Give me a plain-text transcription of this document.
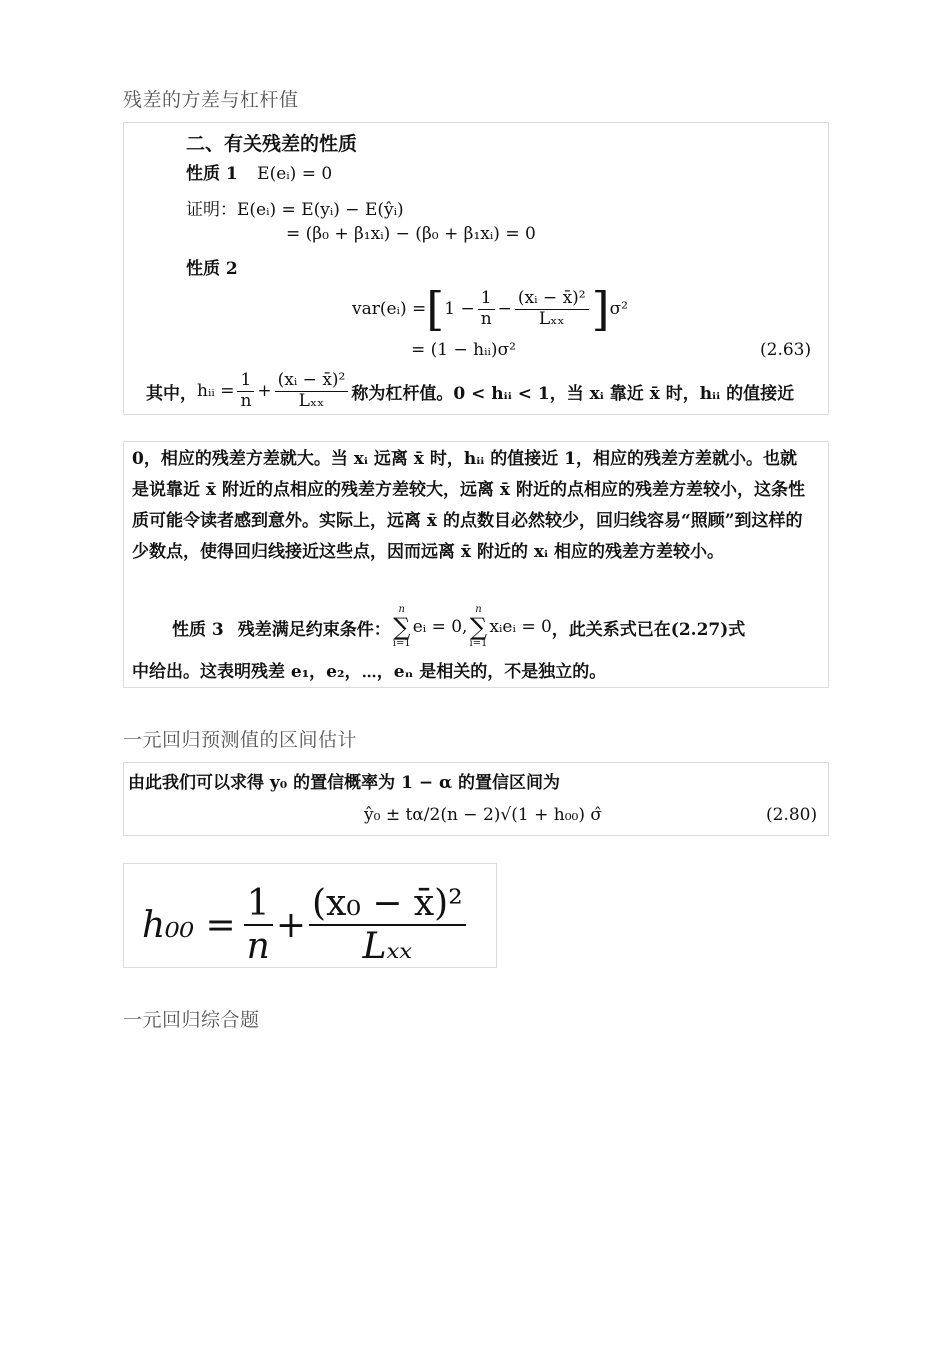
残差的方差与杠杆值
二、有关残差的性质
性质 1 E(eᵢ) = 0
证明：E(eᵢ) = E(yᵢ) − E(ŷᵢ)
= (β₀ + β₁xᵢ) − (β₀ + β₁xᵢ) = 0
性质 2
var(eᵢ) = [ $1 - \frac{1}{n}$ −
(xᵢ − x̄)²
Lₓₓ ] σ²
= (1 − hᵢᵢ)σ²	(2.63)
其中， hᵢᵢ = $\frac{1}{n}$ +
(xᵢ − x̄)²
Lₓₓ	称为杠杆值。0 < hᵢᵢ < 1，当 xᵢ 靠近 x̄ 时，hᵢᵢ 的值接近
0，相应的残差方差就大。当 xᵢ 远离 x̄ 时，hᵢᵢ 的值接近 1，相应的残差方差就小。也就是说靠近 x̄ 附近的点相应的残差方差较大，远离 x̄ 附近的点相应的残差方差较小，这条性质可能令读者感到意外。实际上，远离 x̄ 的点数目必然较少，回归线容易“照顾”到这样的少数点，使得回归线接近这些点，因而远离 x̄ 附近的 xᵢ 相应的残差方差较小。
性质 3 残差满足约束条件：
n
∑
i=1
eᵢ = 0,
n
∑
i=1
xᵢeᵢ = 0 ，此关系式已在(2.27)式
中给出。这表明残差 e₁，e₂，⋯，eₙ 是相关的，不是独立的。
一元回归预测值的区间估计
由此我们可以求得 y₀ 的置信概率为 1 − α 的置信区间为
ŷ₀ ± tα/2(n − 2)√(1 + h₀₀) σ̂	(2.80)
$h_{00} = \frac{1}{n}$ +
(x₀ − x̄)²
Lₓₓ
一元回归综合题
